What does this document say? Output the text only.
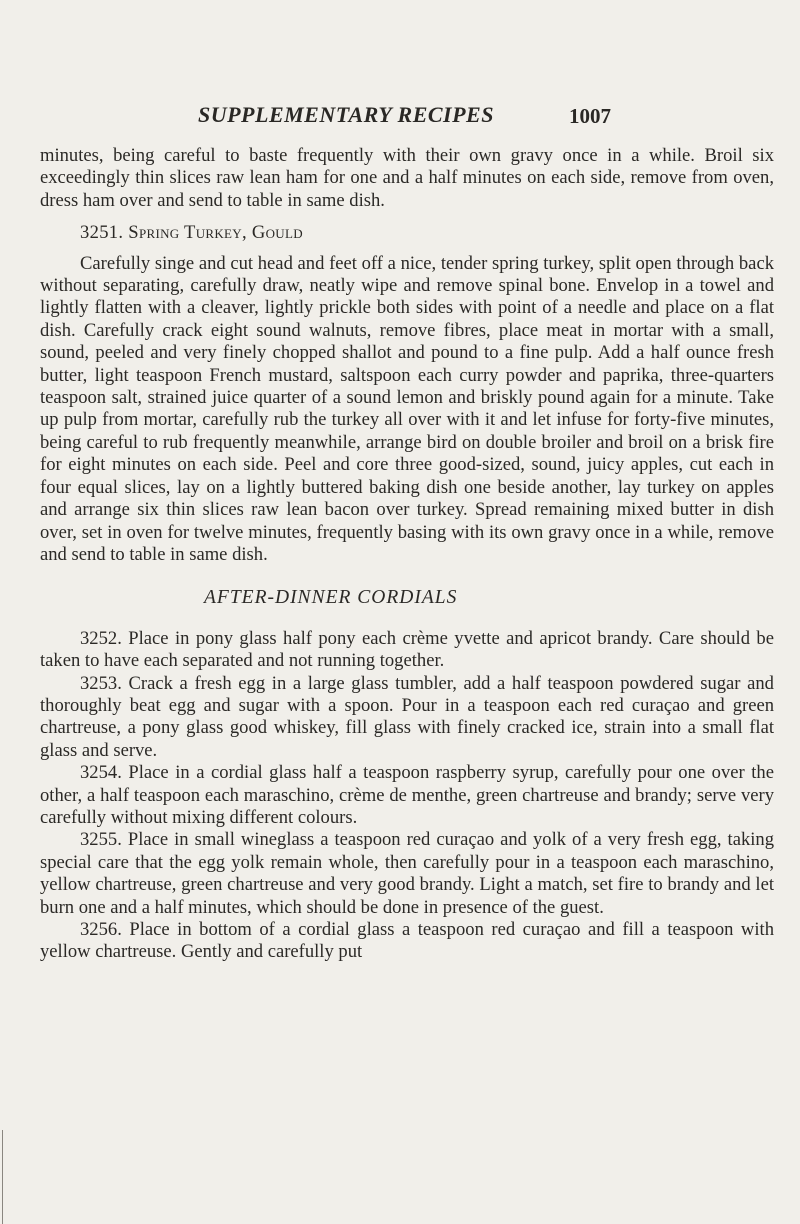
SUPPLEMENTARY RECIPES	1007

minutes, being careful to baste frequently with their own gravy once in a while. Broil six exceedingly thin slices raw lean ham for one and a half minutes on each side, remove from oven, dress ham over and send to table in same dish.

3251. Spring Turkey, Gould

Carefully singe and cut head and feet off a nice, tender spring turkey, split open through back without separating, carefully draw, neatly wipe and remove spinal bone. Envelop in a towel and lightly flatten with a cleaver, lightly prickle both sides with point of a needle and place on a flat dish. Carefully crack eight sound walnuts, remove fibres, place meat in mortar with a small, sound, peeled and very finely chopped shallot and pound to a fine pulp. Add a half ounce fresh butter, light teaspoon French mustard, saltspoon each curry powder and paprika, three-quarters teaspoon salt, strained juice quarter of a sound lemon and briskly pound again for a minute. Take up pulp from mortar, carefully rub the turkey all over with it and let infuse for forty-five minutes, being careful to rub frequently meanwhile, arrange bird on double broiler and broil on a brisk fire for eight minutes on each side. Peel and core three good-sized, sound, juicy apples, cut each in four equal slices, lay on a lightly buttered baking dish one beside another, lay turkey on apples and arrange six thin slices raw lean bacon over turkey. Spread remaining mixed butter in dish over, set in oven for twelve minutes, frequently basing with its own gravy once in a while, remove and send to table in same dish.

AFTER-DINNER CORDIALS

3252. Place in pony glass half pony each crème yvette and apricot brandy. Care should be taken to have each separated and not running together.

3253. Crack a fresh egg in a large glass tumbler, add a half teaspoon powdered sugar and thoroughly beat egg and sugar with a spoon. Pour in a teaspoon each red curaçao and green chartreuse, a pony glass good whiskey, fill glass with finely cracked ice, strain into a small flat glass and serve.

3254. Place in a cordial glass half a teaspoon raspberry syrup, carefully pour one over the other, a half teaspoon each maraschino, crème de menthe, green chartreuse and brandy; serve very carefully without mixing different colours.

3255. Place in small wineglass a teaspoon red curaçao and yolk of a very fresh egg, taking special care that the egg yolk remain whole, then carefully pour in a teaspoon each maraschino, yellow chartreuse, green chartreuse and very good brandy. Light a match, set fire to brandy and let burn one and a half minutes, which should be done in presence of the guest.

3256. Place in bottom of a cordial glass a teaspoon red curaçao and fill a teaspoon with yellow chartreuse. Gently and carefully put
